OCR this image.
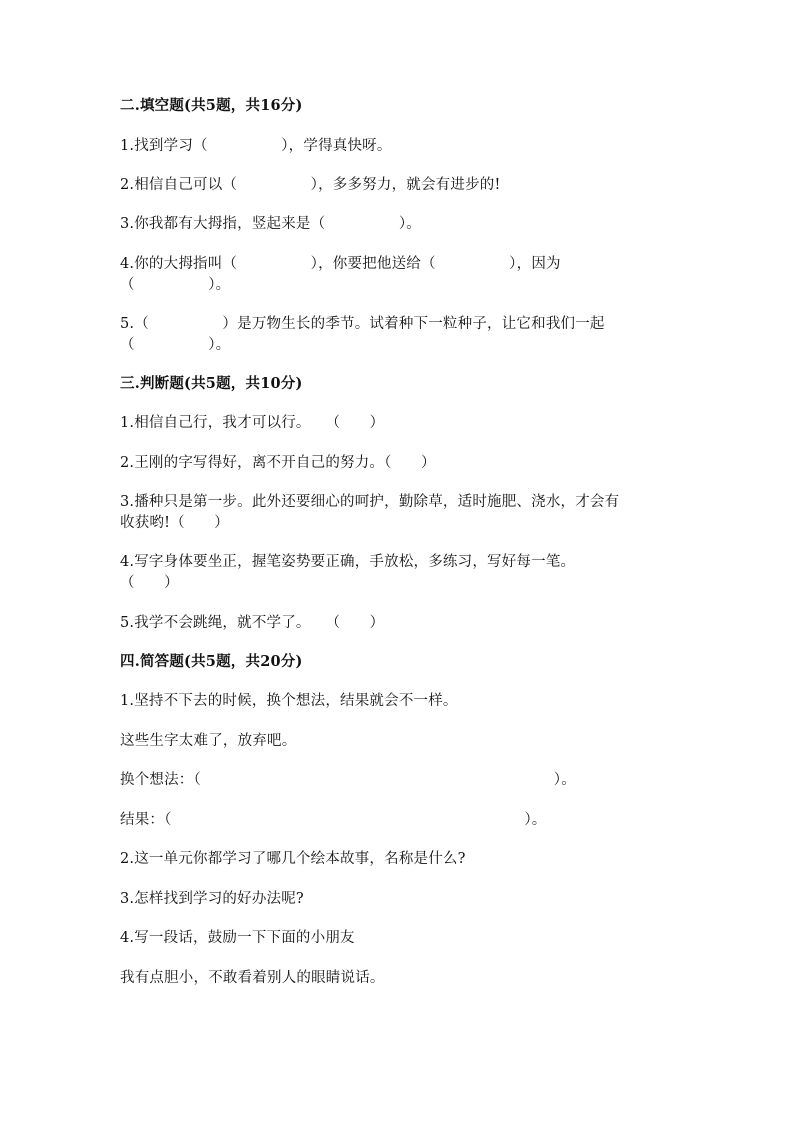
二.填空题(共5题，共16分)
1.找到学习（　　　　　），学得真快呀。
2.相信自己可以（　　　　　），多多努力，就会有进步的!
3.你我都有大拇指，竖起来是（　　　　　）。
4.你的大拇指叫（　　　　　），你要把他送给（　　　　　），因为
（　　　　　）。
5.（　　　　　）是万物生长的季节。试着种下一粒种子，让它和我们一起
（　　　　　）。
三.判断题(共5题，共10分)
1.相信自己行，我才可以行。　　（　　）
2.王刚的字写得好，离不开自己的努力。（　　）
3.播种只是第一步。此外还要细心的呵护，勤除草，适时施肥、浇水，才会有
收获哟!（　　）
4.写字身体要坐正，握笔姿势要正确，手放松，多练习，写好每一笔。
（　　）
5.我学不会跳绳，就不学了。　　（　　）
四.简答题(共5题，共20分)
1.坚持不下去的时候，换个想法，结果就会不一样。
这些生字太难了，放弃吧。
换个想法：（　　　　　　　　　　　　　　　　　　　　　　　　）。
结果：（　　　　　　　　　　　　　　　　　　　　　　　　）。
2.这一单元你都学习了哪几个绘本故事，名称是什么?
3.怎样找到学习的好办法呢?
4.写一段话，鼓励一下下面的小朋友
我有点胆小，不敢看着别人的眼睛说话。
